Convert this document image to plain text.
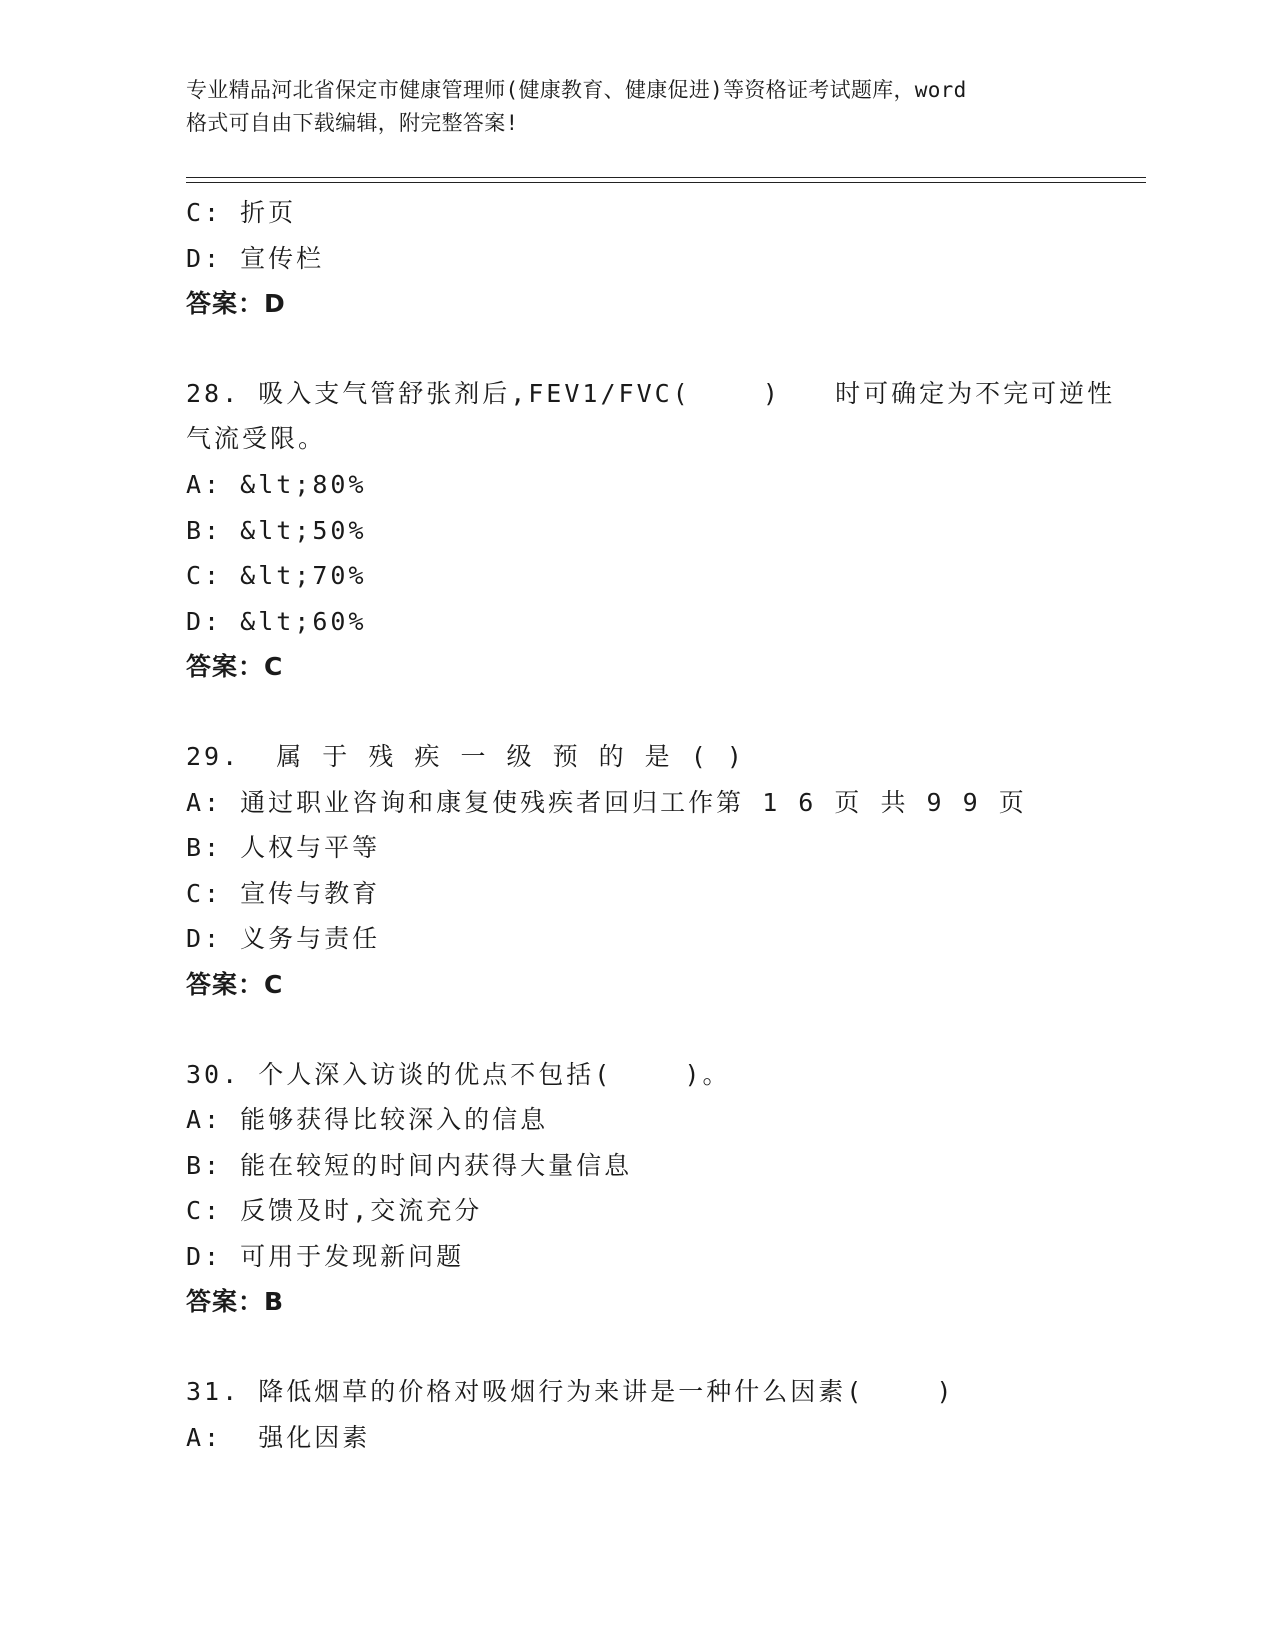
专业精品河北省保定市健康管理师(健康教育、健康促进)等资格证考试题库，word
格式可自由下载编辑，附完整答案!
C: 折页
D: 宣传栏
答案：D
28. 吸入支气管舒张剂后,FEV1/FVC(    )   时可确定为不完可逆性
气流受限。
A: &lt;80%
B: &lt;50%
C: &lt;70%
D: &lt;60%
答案：C
29.  属 于 残 疾 一 级 预 的 是 ( )
A: 通过职业咨询和康复使残疾者回归工作第 1 6 页 共 9 9 页
B: 人权与平等
C: 宣传与教育
D: 义务与责任
答案：C
30. 个人深入访谈的优点不包括(    )。
A: 能够获得比较深入的信息
B: 能在较短的时间内获得大量信息
C: 反馈及时,交流充分
D: 可用于发现新问题
答案：B
31. 降低烟草的价格对吸烟行为来讲是一种什么因素(    )
A:  强化因素
